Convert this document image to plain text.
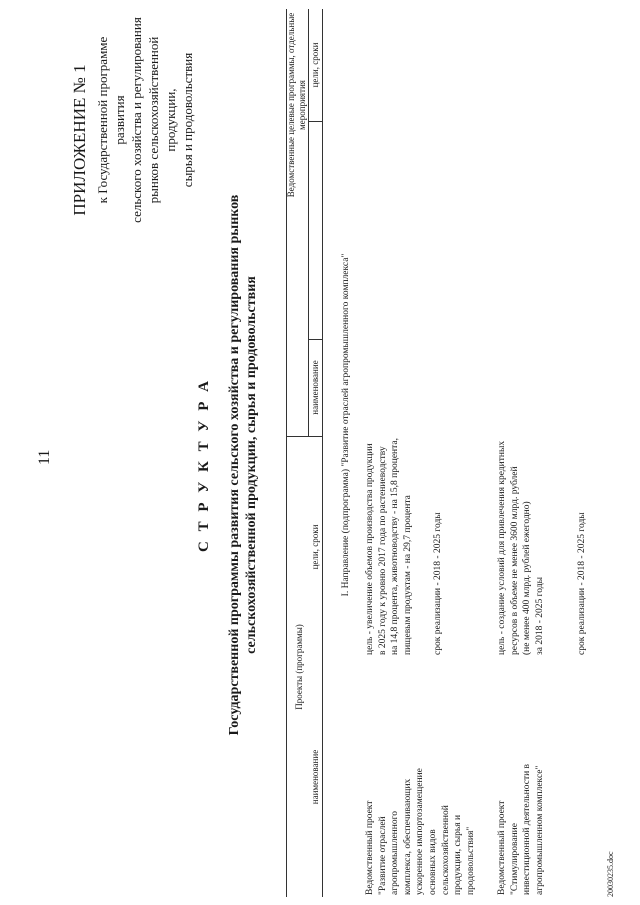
11
ПРИЛОЖЕНИЕ № 1 к Государственной программе развития сельского хозяйства и регулирования рынков сельскохозяйственной продукции, сырья и продовольствия
С Т Р У К Т У Р А Государственной программы развития сельского хозяйства и регулирования рынков сельскохозяйственной продукции, сырья и продовольствия
Проекты (программы)
наименование
цели, сроки
Ведомственные целевые программы, отдельные мероприятия
наименование
цели, сроки
I. Направление (подпрограмма) "Развитие отраслей агропромышленного комплекса"
Ведомственный проект "Развитие отраслей агропромышленного комплекса, обеспечивающих ускоренное импортозамещение основных видов сельскохозяйственной продукции, сырья и продовольствия"
цель - увеличение объемов производства продукции в 2025 году к уровню 2017 года по растениеводству на 14,8 процента, животноводству - на 15,8 процента, пищевым продуктам - на 29,7 процента срок реализации - 2018 - 2025 годы
Ведомственный проект "Стимулирование инвестиционной деятельности в агропромышленном комплексе"
цель - создание условий для привлечения кредитных ресурсов в объеме не менее 3600 млрд. рублей (не менее 400 млрд. рублей ежегодно) за 2018 - 2025 годы	срок реализации - 2018 - 2025 годы
20030235.doc
